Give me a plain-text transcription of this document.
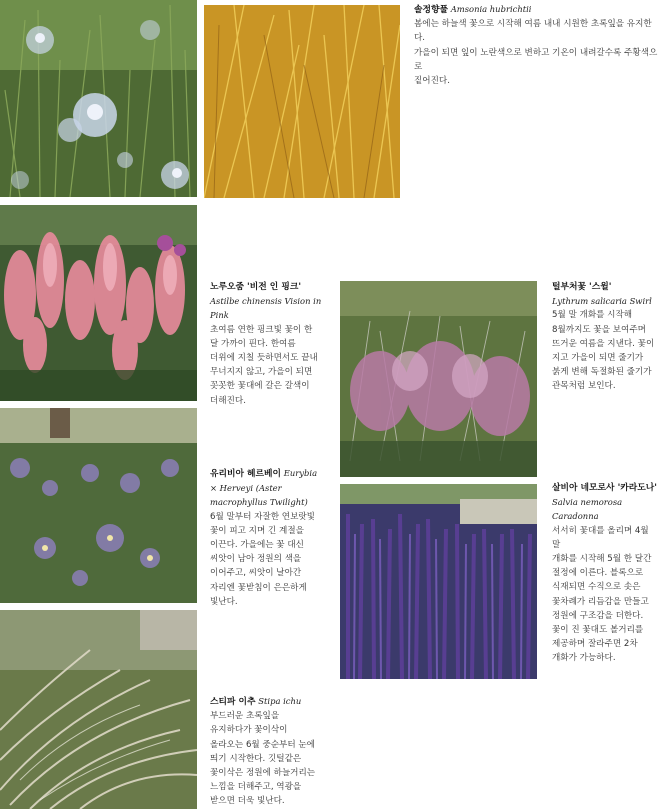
솔정향풀 Amsonia hubrichtii

봄에는 하늘색 꽃으로 시작해 여름 내내 시원한 초록잎을 유지한다.

가을이 되면 잎이 노란색으로 변하고 기온이 내려갈수록 주황색으로

짙어진다.

노루오줌 '비전 인 핑크'

Astilbe chinensis Vision in Pink

초여름 연한 핑크빛 꽃이 한

달 가까이 핀다. 한여름

더위에 지칠 듯하면서도 끝내

무너지지 않고, 가을이 되면

꼿꼿한 꽃대에 갈은 갈색이

더해진다.

털부처꽃 '스윌'

Lythrum salicaria Swirl

5월 말 개화를 시작해

8월까지도 꽃을 보여주며

뜨거운 여름을 지낸다. 꽃이

지고 가을이 되면 줄기가

붉게 변해 독절화된 줄기가

관목처럼 보인다.

유리비아 헤르베이 Eurybia

× Herveyi (Aster

macrophyllus Twilight)

6월 말부터 자잘한 연보랏빛

꽃이 피고 지며 긴 계절을

이끈다. 가을에는 꽃 대신

씨앗이 남아 정원의 색을

이어주고, 씨앗이 날아간

자리엔 꽃받침이 은은하게

빛난다.

살비아 네모로사 '카라도나'

Salvia nemorosa Caradonna

서서히 꽃대를 올리며 4월 말

개화를 시작해 5월 한 달간

절정에 이른다. 블록으로

식재되면 수직으로 솟은

꽃차례가 리듬감을 만들고

정원에 구조감을 더한다.

꽃이 진 꽃대도 볼거리를

제공하며 잘라주면 2차

개화가 가능하다.

스티파 이추 Stipa ichu

부드러운 초록잎을

유지하다가 꽃이삭이

올라오는 6월 중순부터 눈에

띄기 시작한다. 깃털같은

꽃이삭은 정원에 하늘거리는

느낌을 더해주고, 역광을

받으면 더욱 빛난다.
